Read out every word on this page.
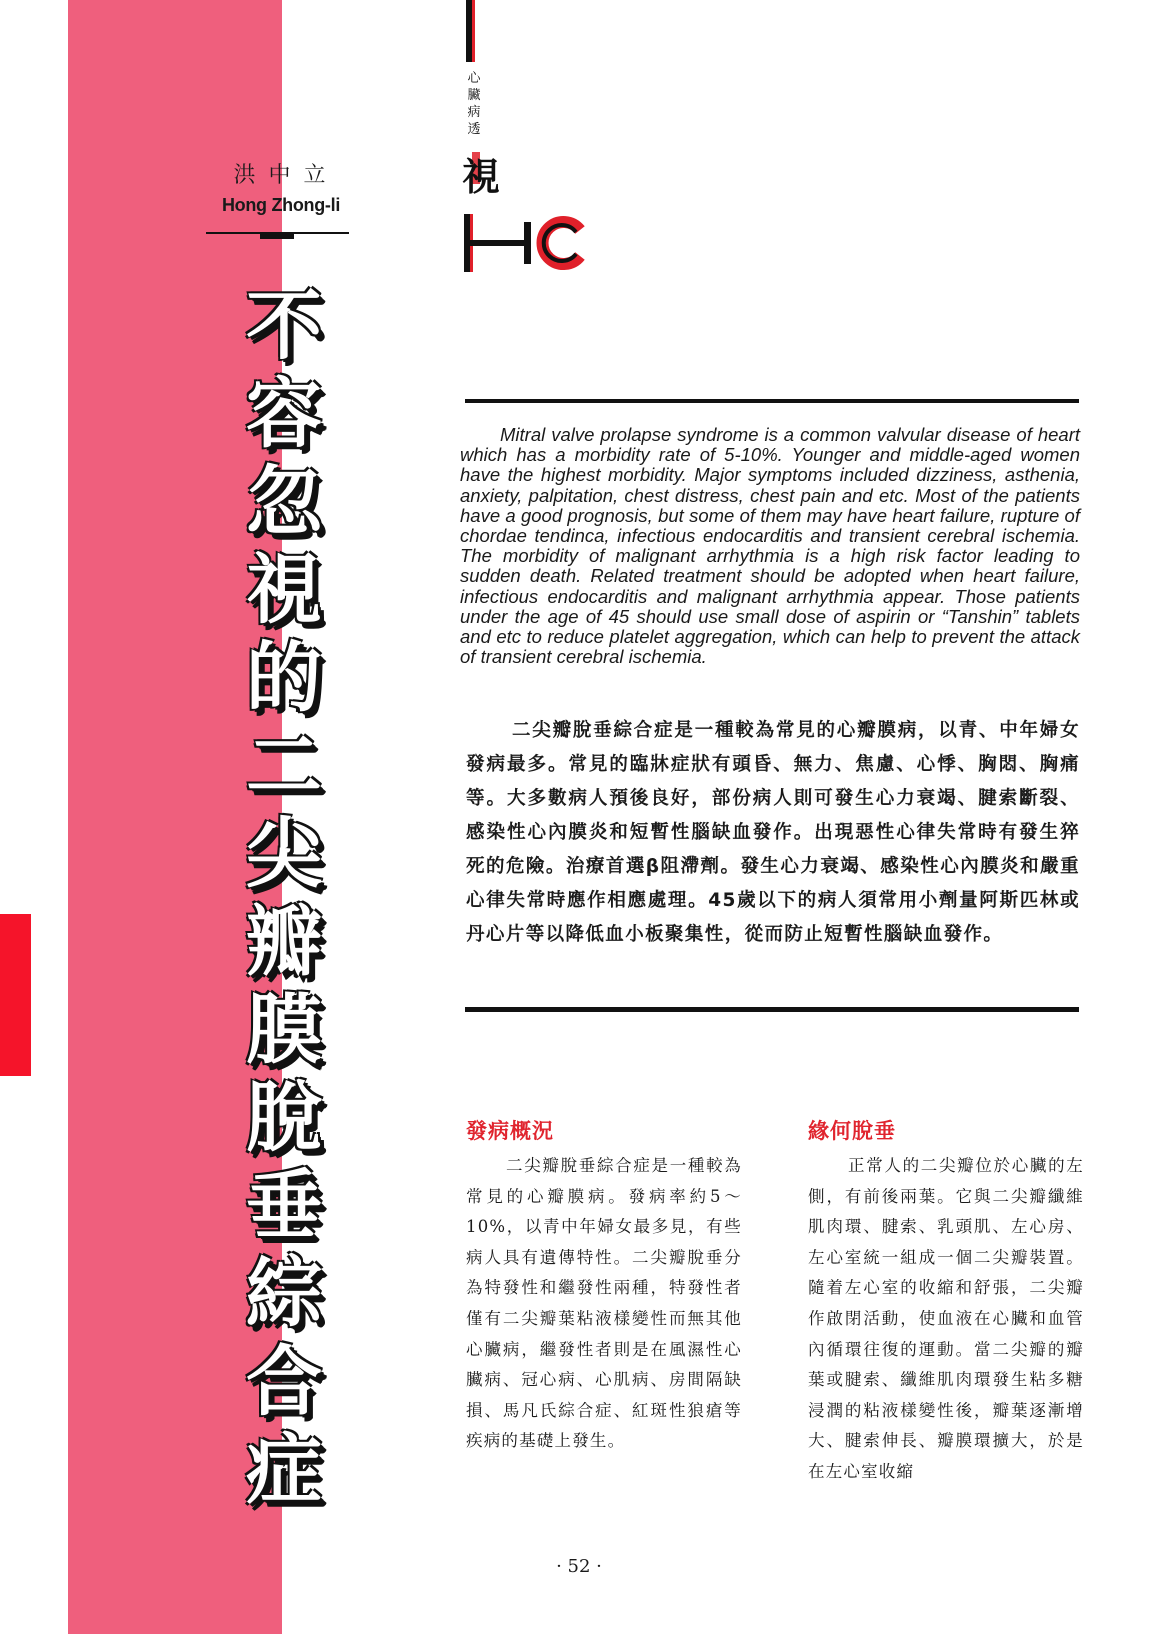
洪中立
Hong Zhong-li
不
容
忽
視
的
二
尖
瓣
膜
脫
垂
綜
合
症
心臟病透
視

Mitral valve prolapse syndrome is a common valvular disease of heart which has a morbidity rate of 5-10%. Younger and middle-aged women have the highest morbidity. Major symptoms included dizziness, asthenia, anxiety, palpitation, chest distress, chest pain and etc. Most of the patients have a good prognosis, but some of them may have heart failure, rupture of chordae tendinca, infectious endocarditis and transient cerebral ischemia. The morbidity of malignant arrhythmia is a high risk factor leading to sudden death. Related treatment should be adopted when heart failure, infectious endocarditis and malignant arrhythmia appear. Those patients under the age of 45 should use small dose of aspirin or “Tanshin” tablets and etc to reduce platelet aggregation, which can help to prevent the attack of transient cerebral ischemia.

二尖瓣脫垂綜合症是一種較為常見的心瓣膜病，以青、中年婦女發病最多。常見的臨牀症狀有頭昏、無力、焦慮、心悸、胸悶、胸痛等。大多數病人預後良好，部份病人則可發生心力衰竭、腱索斷裂、感染性心內膜炎和短暫性腦缺血發作。出現惡性心律失常時有發生猝死的危險。治療首選β阻滯劑。發生心力衰竭、感染性心內膜炎和嚴重心律失常時應作相應處理。45歲以下的病人須常用小劑量阿斯匹林或丹心片等以降低血小板聚集性，從而防止短暫性腦缺血發作。

發病概況

二尖瓣脫垂綜合症是一種較為常見的心瓣膜病。發病率約5～10%，以青中年婦女最多見，有些病人具有遺傳特性。二尖瓣脫垂分為特發性和繼發性兩種，特發性者僅有二尖瓣葉粘液樣變性而無其他心臟病，繼發性者則是在風濕性心臟病、冠心病、心肌病、房間隔缺損、馬凡氏綜合症、紅斑性狼瘡等疾病的基礎上發生。

緣何脫垂

正常人的二尖瓣位於心臟的左側，有前後兩葉。它與二尖瓣纖維肌肉環、腱索、乳頭肌、左心房、左心室統一組成一個二尖瓣裝置。隨着左心室的收縮和舒張，二尖瓣作啟閉活動，使血液在心臟和血管內循環往復的運動。當二尖瓣的瓣葉或腱索、纖維肌肉環發生粘多糖浸潤的粘液樣變性後，瓣葉逐漸增大、腱索伸長、瓣膜環擴大，於是在左心室收縮

· 52 ·
